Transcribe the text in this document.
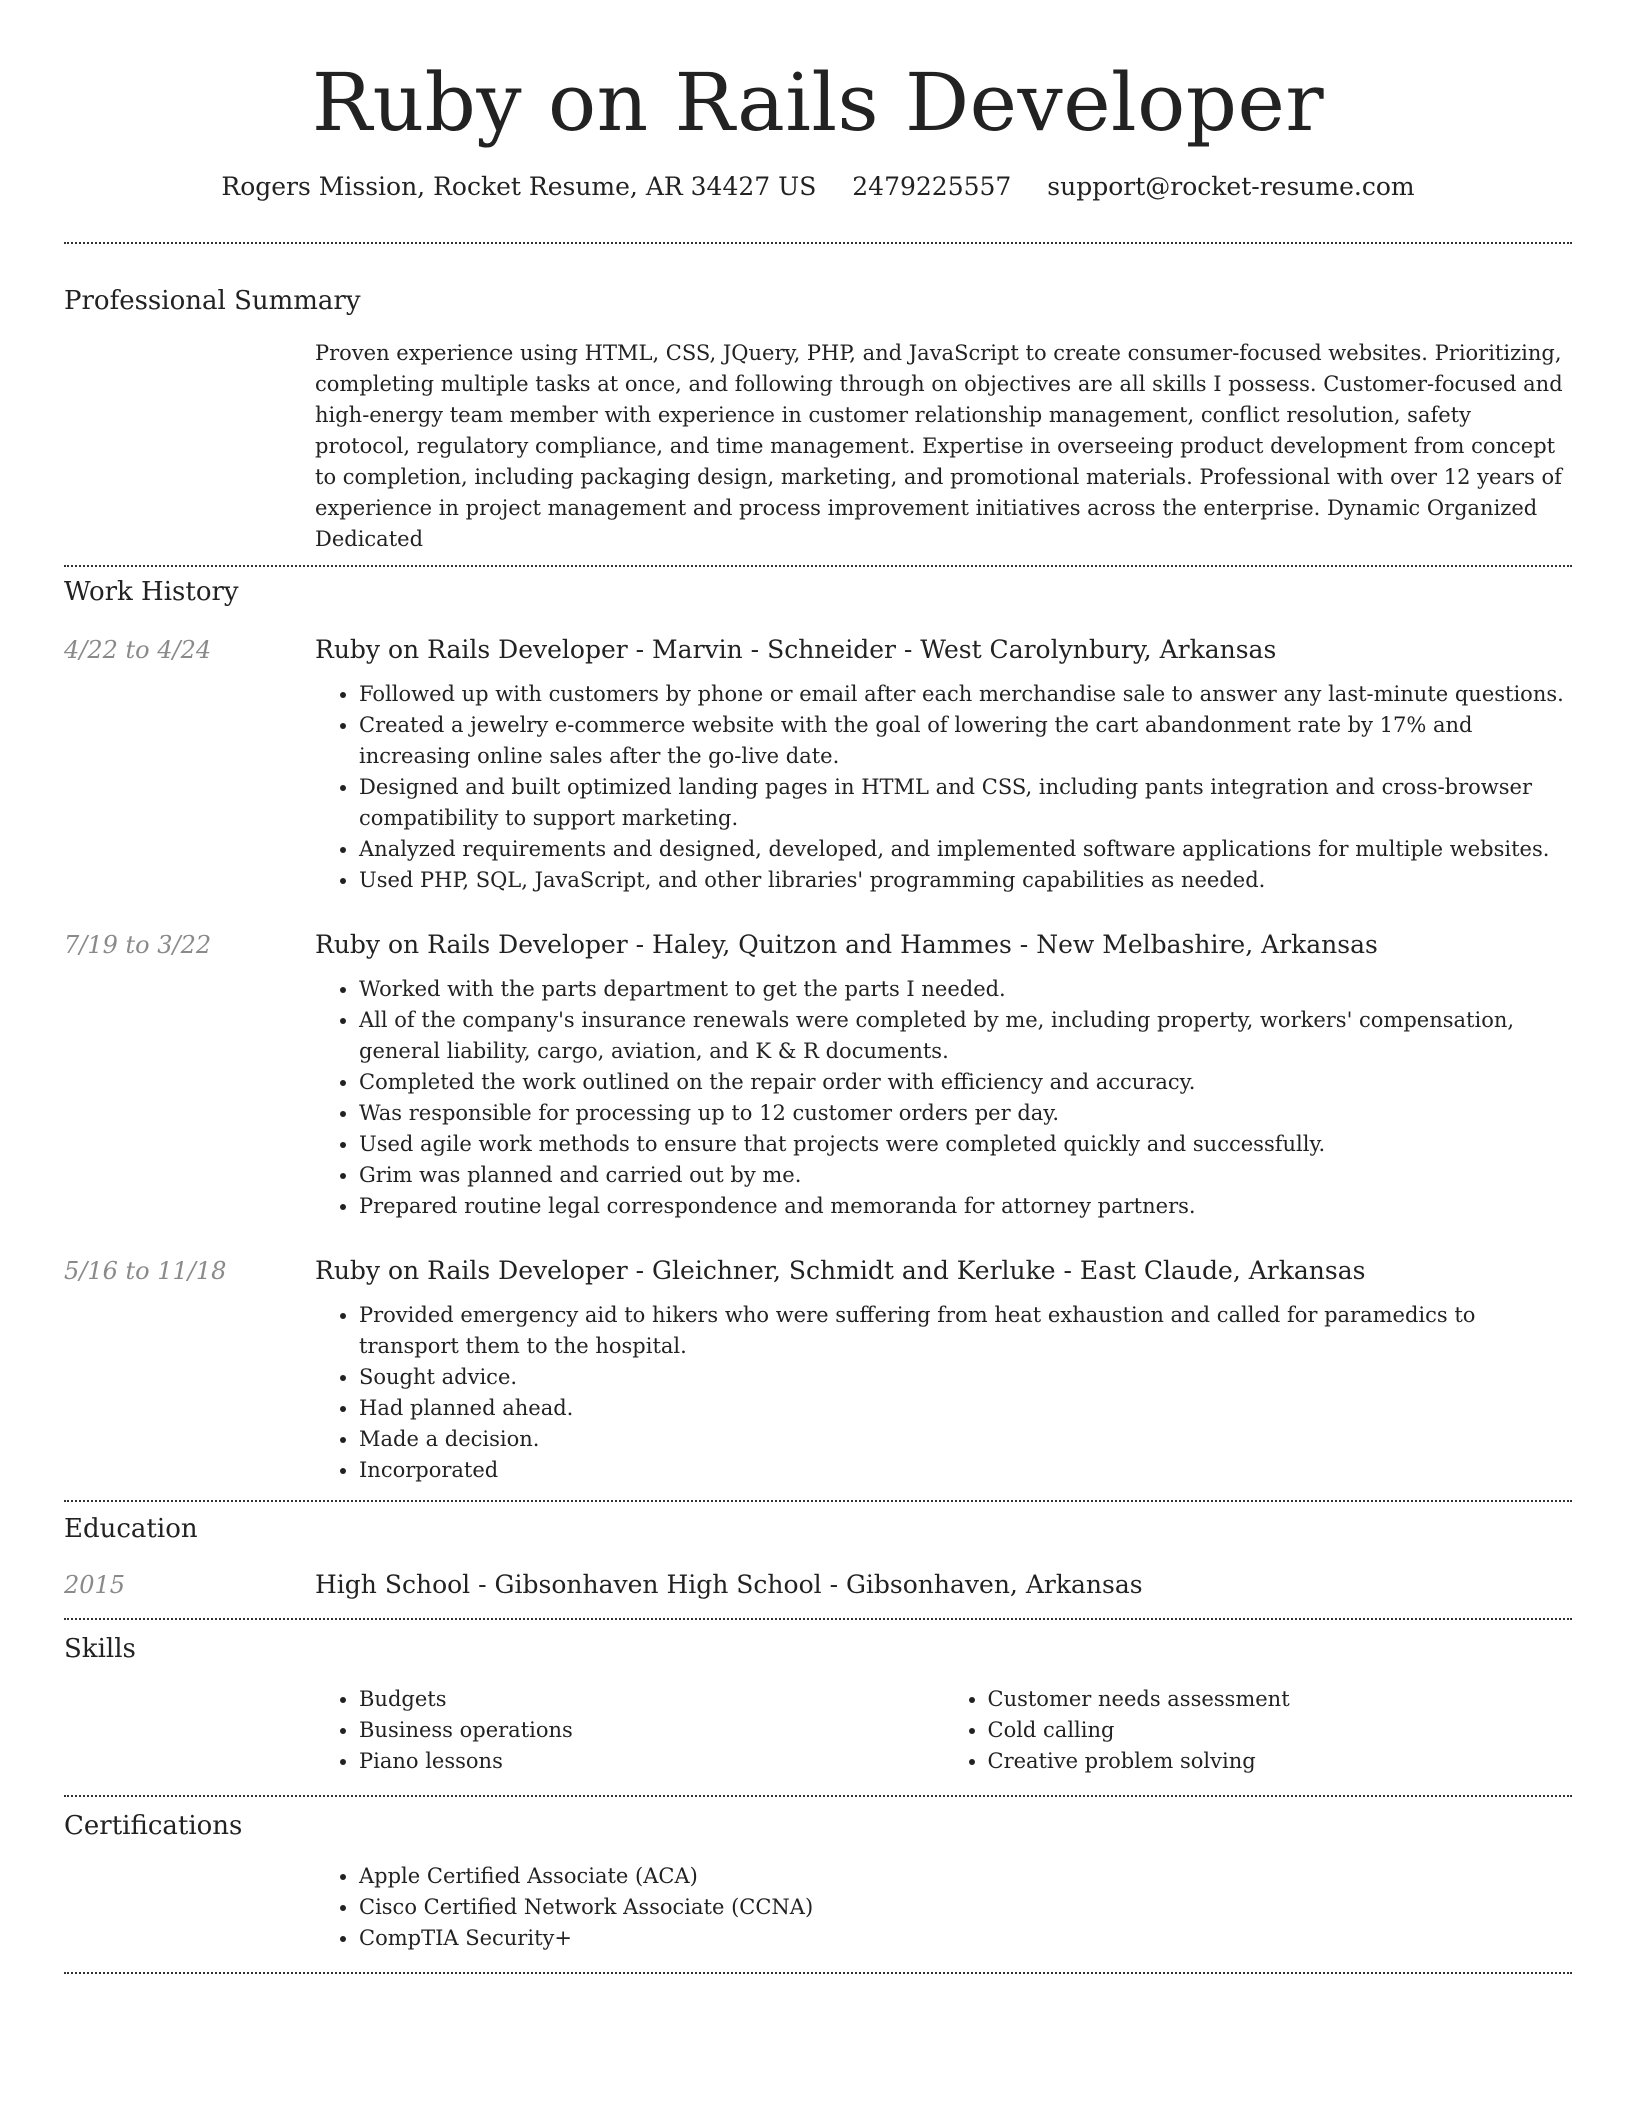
Ruby on Rails Developer
Rogers Mission, Rocket Resume, AR 34427 US 2479225557 support@rocket-resume.com
Professional Summary

Proven experience using HTML, CSS, JQuery, PHP, and JavaScript to create consumer-focused websites. Prioritizing, completing multiple tasks at once, and following through on objectives are all skills I possess. Customer-focused and high-energy team member with experience in customer relationship management, conflict resolution, safety protocol, regulatory compliance, and time management. Expertise in overseeing product development from concept to completion, including packaging design, marketing, and promotional materials. Professional with over 12 years of experience in project management and process improvement initiatives across the enterprise. Dynamic Organized Dedicated

Work History
4/22 to 4/24	Ruby on Rails Developer - Marvin - Schneider - West Carolynbury, Arkansas

• Followed up with customers by phone or email after each merchandise sale to answer any last-minute questions.
• Created a jewelry e-commerce website with the goal of lowering the cart abandonment rate by 17% and increasing online sales after the go-live date.
• Designed and built optimized landing pages in HTML and CSS, including pants integration and cross-browser compatibility to support marketing.
• Analyzed requirements and designed, developed, and implemented software applications for multiple websites.
• Used PHP, SQL, JavaScript, and other libraries' programming capabilities as needed.
7/19 to 3/22	Ruby on Rails Developer - Haley, Quitzon and Hammes - New Melbashire, Arkansas

• Worked with the parts department to get the parts I needed.
• All of the company's insurance renewals were completed by me, including property, workers' compensation, general liability, cargo, aviation, and K & R documents.
• Completed the work outlined on the repair order with efficiency and accuracy.
• Was responsible for processing up to 12 customer orders per day.
• Used agile work methods to ensure that projects were completed quickly and successfully.
• Grim was planned and carried out by me.
• Prepared routine legal correspondence and memoranda for attorney partners.
5/16 to 11/18	Ruby on Rails Developer - Gleichner, Schmidt and Kerluke - East Claude, Arkansas

• Provided emergency aid to hikers who were suffering from heat exhaustion and called for paramedics to transport them to the hospital.
• Sought advice.
• Had planned ahead.
• Made a decision.
• Incorporated
Education
2015	High School - Gibsonhaven High School - Gibsonhaven, Arkansas

Skills
• Budgets
• Business operations
• Piano lessons
• Customer needs assessment
• Cold calling
• Creative problem solving
Certifications
• Apple Certified Associate (ACA)
• Cisco Certified Network Associate (CCNA)
• CompTIA Security+
